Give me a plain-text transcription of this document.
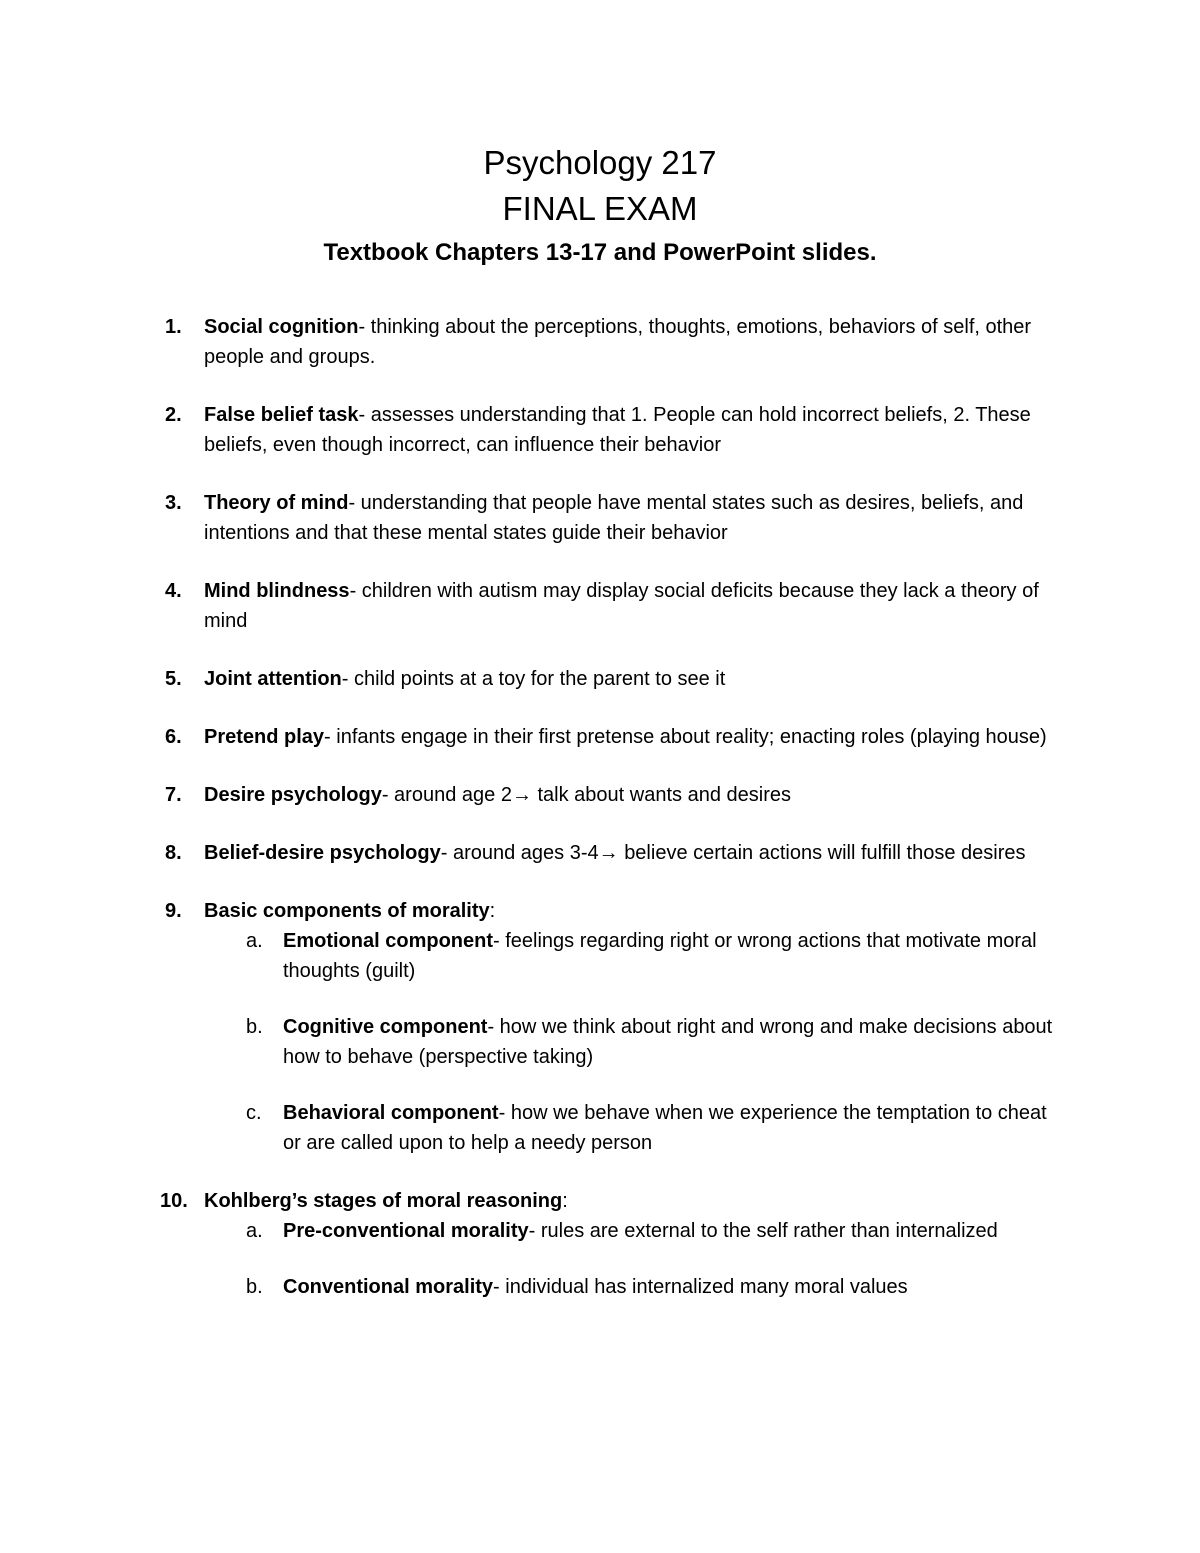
Psychology 217
FINAL EXAM

Textbook Chapters 13-17 and PowerPoint slides.

1. Social cognition- thinking about the perceptions, thoughts, emotions, behaviors of self, other people and groups.
2. False belief task- assesses understanding that 1. People can hold incorrect beliefs, 2. These beliefs, even though incorrect, can influence their behavior
3. Theory of mind- understanding that people have mental states such as desires, beliefs, and intentions and that these mental states guide their behavior
4. Mind blindness- children with autism may display social deficits because they lack a theory of mind
5. Joint attention- child points at a toy for the parent to see it
6. Pretend play- infants engage in their first pretense about reality; enacting roles (playing house)
7. Desire psychology- around age 2→ talk about wants and desires
8. Belief-desire psychology- around ages 3-4→ believe certain actions will fulfill those desires
9. Basic components of morality:
a. Emotional component- feelings regarding right or wrong actions that motivate moral thoughts (guilt)
b. Cognitive component- how we think about right and wrong and make decisions about how to behave (perspective taking)
c. Behavioral component- how we behave when we experience the temptation to cheat or are called upon to help a needy person
10. Kohlberg’s stages of moral reasoning:
a. Pre-conventional morality- rules are external to the self rather than internalized
b. Conventional morality- individual has internalized many moral values
